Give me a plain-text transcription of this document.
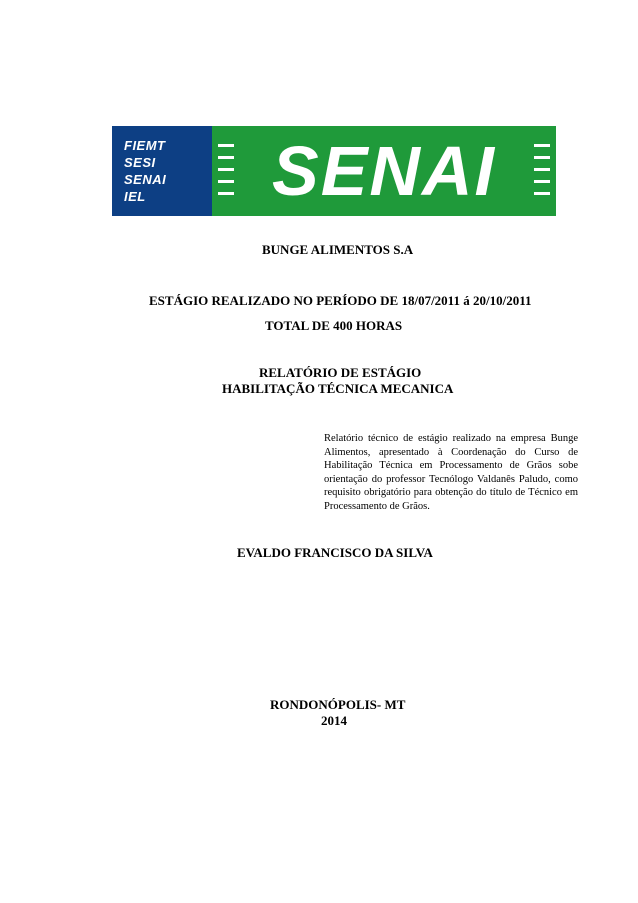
FIEMT
SESI
SENAI
IEL	SENAI
BUNGE ALIMENTOS S.A
ESTÁGIO REALIZADO NO PERÍODO DE 18/07/2011 á 20/10/2011
TOTAL DE 400 HORAS
RELATÓRIO DE ESTÁGIO
HABILITAÇÃO TÉCNICA MECANICA
Relatório técnico de estágio realizado na empresa Bunge Alimentos, apresentado à Coordenação do Curso de Habilitação Técnica em Processamento de Grãos sobe orientação do professor Tecnólogo Valdanês Paludo, como requisito obrigatório para obtenção do título de Técnico em Processamento de Grãos.
EVALDO FRANCISCO DA SILVA
RONDONÓPOLIS- MT
2014
